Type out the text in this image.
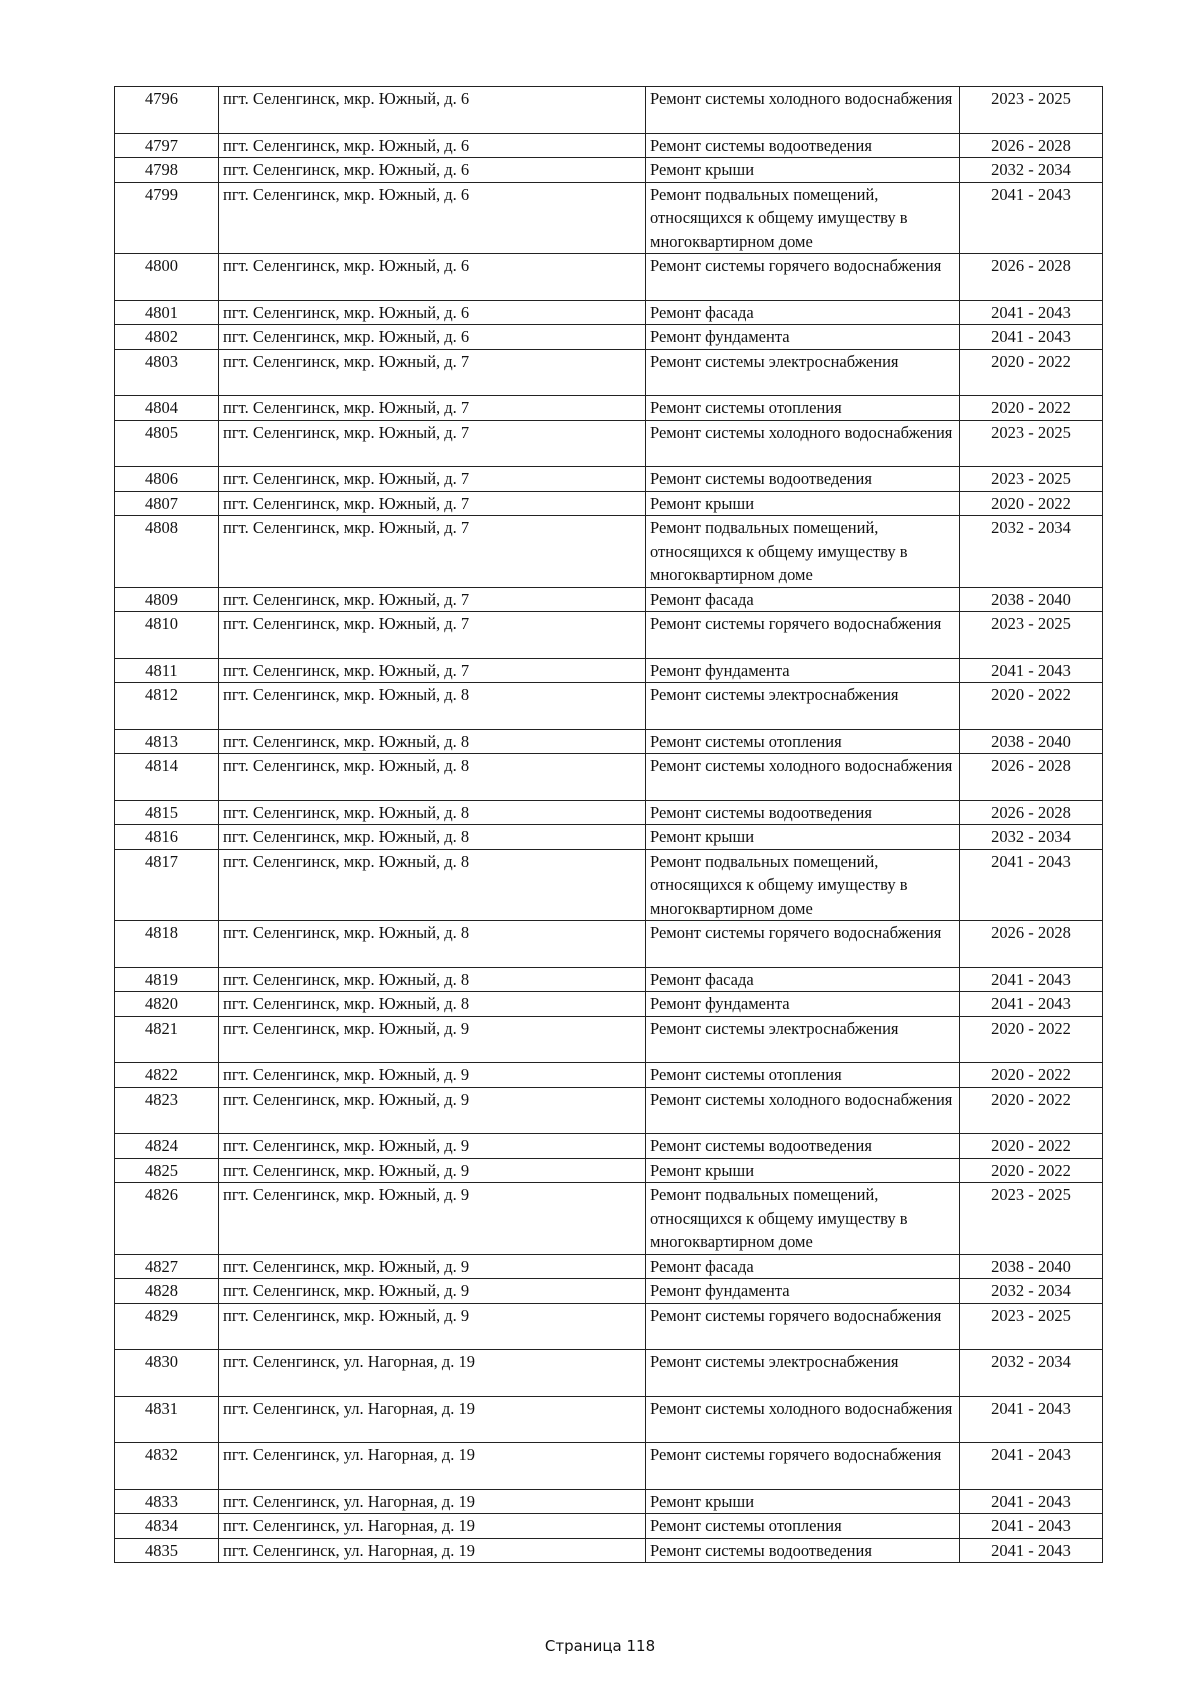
4796	пгт. Селенгинск, мкр. Южный, д. 6	Ремонт системы холодного водоснабжения	2023 - 2025
4797	пгт. Селенгинск, мкр. Южный, д. 6	Ремонт системы водоотведения	2026 - 2028
4798	пгт. Селенгинск, мкр. Южный, д. 6	Ремонт крыши	2032 - 2034
4799	пгт. Селенгинск, мкр. Южный, д. 6	Ремонт подвальных помещений, относящихся к общему имуществу в многоквартирном доме	2041 - 2043
4800	пгт. Селенгинск, мкр. Южный, д. 6	Ремонт системы горячего водоснабжения	2026 - 2028
4801	пгт. Селенгинск, мкр. Южный, д. 6	Ремонт фасада	2041 - 2043
4802	пгт. Селенгинск, мкр. Южный, д. 6	Ремонт фундамента	2041 - 2043
4803	пгт. Селенгинск, мкр. Южный, д. 7	Ремонт системы электроснабжения	2020 - 2022
4804	пгт. Селенгинск, мкр. Южный, д. 7	Ремонт системы отопления	2020 - 2022
4805	пгт. Селенгинск, мкр. Южный, д. 7	Ремонт системы холодного водоснабжения	2023 - 2025
4806	пгт. Селенгинск, мкр. Южный, д. 7	Ремонт системы водоотведения	2023 - 2025
4807	пгт. Селенгинск, мкр. Южный, д. 7	Ремонт крыши	2020 - 2022
4808	пгт. Селенгинск, мкр. Южный, д. 7	Ремонт подвальных помещений, относящихся к общему имуществу в многоквартирном доме	2032 - 2034
4809	пгт. Селенгинск, мкр. Южный, д. 7	Ремонт фасада	2038 - 2040
4810	пгт. Селенгинск, мкр. Южный, д. 7	Ремонт системы горячего водоснабжения	2023 - 2025
4811	пгт. Селенгинск, мкр. Южный, д. 7	Ремонт фундамента	2041 - 2043
4812	пгт. Селенгинск, мкр. Южный, д. 8	Ремонт системы электроснабжения	2020 - 2022
4813	пгт. Селенгинск, мкр. Южный, д. 8	Ремонт системы отопления	2038 - 2040
4814	пгт. Селенгинск, мкр. Южный, д. 8	Ремонт системы холодного водоснабжения	2026 - 2028
4815	пгт. Селенгинск, мкр. Южный, д. 8	Ремонт системы водоотведения	2026 - 2028
4816	пгт. Селенгинск, мкр. Южный, д. 8	Ремонт крыши	2032 - 2034
4817	пгт. Селенгинск, мкр. Южный, д. 8	Ремонт подвальных помещений, относящихся к общему имуществу в многоквартирном доме	2041 - 2043
4818	пгт. Селенгинск, мкр. Южный, д. 8	Ремонт системы горячего водоснабжения	2026 - 2028
4819	пгт. Селенгинск, мкр. Южный, д. 8	Ремонт фасада	2041 - 2043
4820	пгт. Селенгинск, мкр. Южный, д. 8	Ремонт фундамента	2041 - 2043
4821	пгт. Селенгинск, мкр. Южный, д. 9	Ремонт системы электроснабжения	2020 - 2022
4822	пгт. Селенгинск, мкр. Южный, д. 9	Ремонт системы отопления	2020 - 2022
4823	пгт. Селенгинск, мкр. Южный, д. 9	Ремонт системы холодного водоснабжения	2020 - 2022
4824	пгт. Селенгинск, мкр. Южный, д. 9	Ремонт системы водоотведения	2020 - 2022
4825	пгт. Селенгинск, мкр. Южный, д. 9	Ремонт крыши	2020 - 2022
4826	пгт. Селенгинск, мкр. Южный, д. 9	Ремонт подвальных помещений, относящихся к общему имуществу в многоквартирном доме	2023 - 2025
4827	пгт. Селенгинск, мкр. Южный, д. 9	Ремонт фасада	2038 - 2040
4828	пгт. Селенгинск, мкр. Южный, д. 9	Ремонт фундамента	2032 - 2034
4829	пгт. Селенгинск, мкр. Южный, д. 9	Ремонт системы горячего водоснабжения	2023 - 2025
4830	пгт. Селенгинск, ул. Нагорная, д. 19	Ремонт системы электроснабжения	2032 - 2034
4831	пгт. Селенгинск, ул. Нагорная, д. 19	Ремонт системы холодного водоснабжения	2041 - 2043
4832	пгт. Селенгинск, ул. Нагорная, д. 19	Ремонт системы горячего водоснабжения	2041 - 2043
4833	пгт. Селенгинск, ул. Нагорная, д. 19	Ремонт крыши	2041 - 2043
4834	пгт. Селенгинск, ул. Нагорная, д. 19	Ремонт системы отопления	2041 - 2043
4835	пгт. Селенгинск, ул. Нагорная, д. 19	Ремонт системы водоотведения	2041 - 2043
Страница 118
